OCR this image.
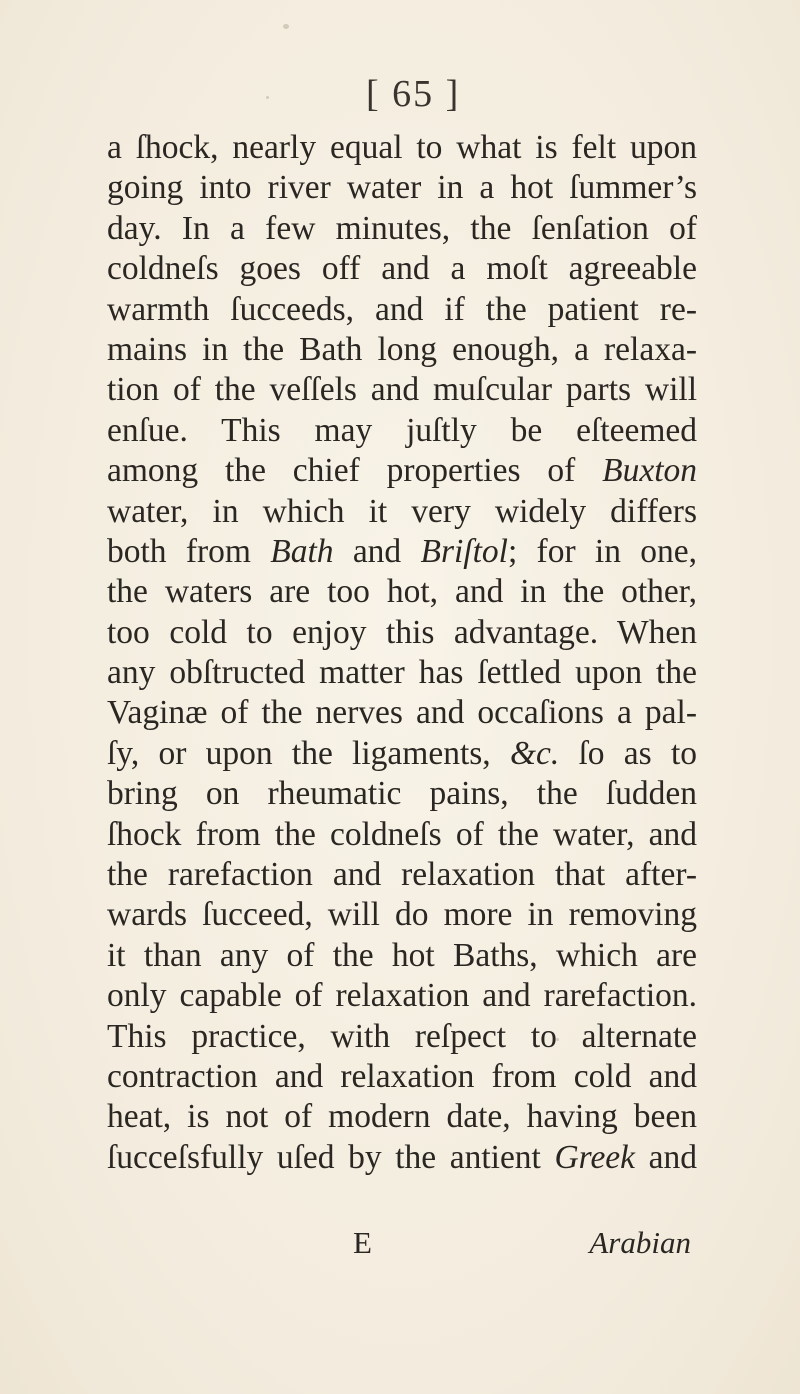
[ 65 ]
a ſhock, nearly equal to what is felt upon
going into river water in a hot ſummer’s
day. In a few minutes, the ſenſation of
coldneſs goes off and a moſt agreeable
warmth ſucceeds, and if the patient re-
mains in the Bath long enough, a relaxa-
tion of the veſſels and muſcular parts will
enſue. This may juſtly be eſteemed
among the chief properties of Buxton
water, in which it very widely differs
both from Bath and Briſtol; for in one,
the waters are too hot, and in the other,
too cold to enjoy this advantage. When
any obſtructed matter has ſettled upon the
Vaginæ of the nerves and occaſions a pal-
ſy, or upon the ligaments, &c. ſo as to
bring on rheumatic pains, the ſudden
ſhock from the coldneſs of the water, and
the rarefaction and relaxation that after-
wards ſucceed, will do more in removing
it than any of the hot Baths, which are
only capable of relaxation and rarefaction.
This practice, with reſpect to alternate
contraction and relaxation from cold and
heat, is not of modern date, having been
ſucceſsfully uſed by the antient Greek and
E	Arabian
